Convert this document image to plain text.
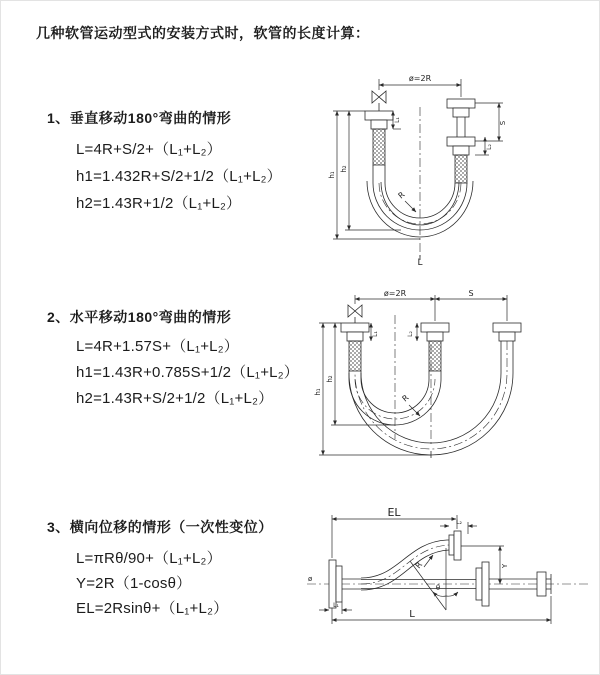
几种软管运动型式的安装方式时，软管的长度计算：
1、垂直移动180°弯曲的情形
L=4R+S/2+（L₁+L₂）
h1=1.432R+S/2+1/2（L₁+L₂）
h2=1.43R+1/2（L₁+L₂）
2、水平移动180°弯曲的情形
L=4R+1.57S+（L₁+L₂）
h1=1.43R+0.785S+1/2（L₁+L₂）
h2=1.43R+S/2+1/2（L₁+L₂）
3、横向位移的情形（一次性变位）
L=πRθ/90+（L₁+L₂）
Y=2R（1-cosθ）
EL=2Rsinθ+（L₁+L₂）
ø=2R
h₁
h₂
L₁
S
L₂
R
L
ø=2R	S
h₁
h₂
L₁	L₂
R
ø
EL
L₂
Y
θ
R
L₁
L
